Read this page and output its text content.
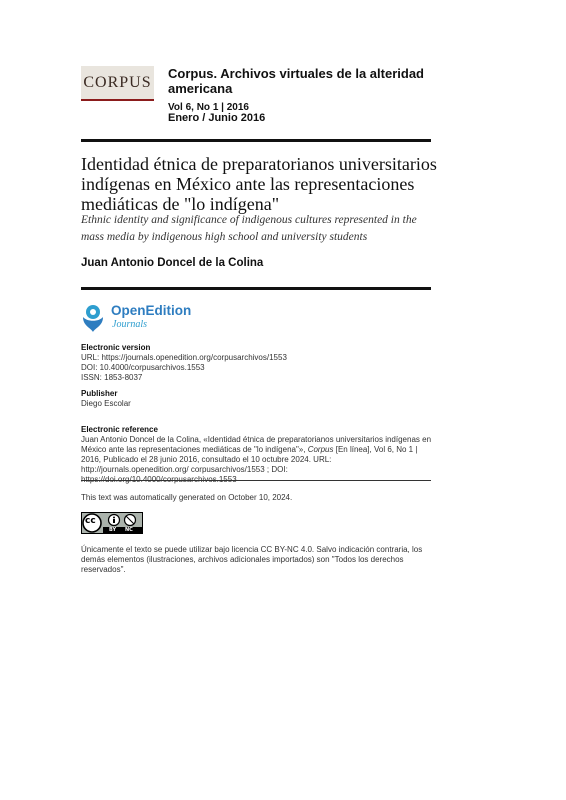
CORPUS
Corpus. Archivos virtuales de la alteridad americana
Vol 6, No 1 | 2016
Enero / Junio 2016
Identidad étnica de preparatorianos universitarios indígenas en México ante las representaciones mediáticas de "lo indígena"
Ethnic identity and significance of indigenous cultures represented in the mass media by indigenous high school and university students
Juan Antonio Doncel de la Colina
OpenEdition
Journals
Electronic version
URL: https://journals.openedition.org/corpusarchivos/1553
DOI: 10.4000/corpusarchivos.1553
ISSN: 1853-8037
Publisher
Diego Escolar
Electronic reference
Juan Antonio Doncel de la Colina, «Identidad étnica de preparatorianos universitarios indígenas en México ante las representaciones mediáticas de "lo indígena"», Corpus [En línea], Vol 6, No 1 | 2016, Publicado el 28 junio 2016, consultado el 10 octubre 2024. URL: http://journals.openedition.org/ corpusarchivos/1553 ; DOI:
This text was automatically generated on October 10, 2024.
cc
BY NC
Únicamente el texto se puede utilizar bajo licencia CC BY-NC 4.0. Salvo indicación contraria, los demás elementos (ilustraciones, archivos adicionales importados) son "Todos los derechos reservados".
